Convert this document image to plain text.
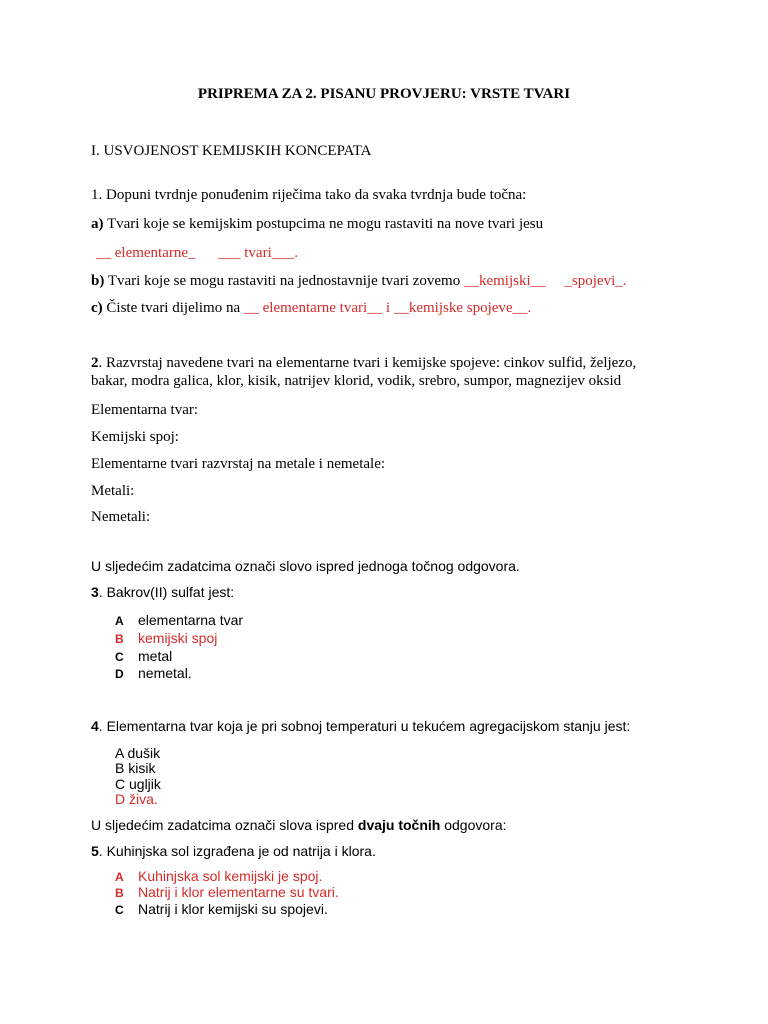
PRIPREMA ZA 2. PISANU PROVJERU: VRSTE TVARI
I. USVOJENOST KEMIJSKIH KONCEPATA
1. Dopuni tvrdnje ponuđenim riječima tako da svaka tvrdnja bude točna:
a) Tvari koje se kemijskim postupcima ne mogu rastaviti na nove tvari jesu
__ elementarne_ ___ tvari___.
b) Tvari koje se mogu rastaviti na jednostavnije tvari zovemo __kemijski__ _spojevi_.
c) Čiste tvari dijelimo na __ elementarne tvari__ i __kemijske spojeve__.
2. Razvrstaj navedene tvari na elementarne tvari i kemijske spojeve: cinkov sulfid, željezo,
bakar, modra galica, klor, kisik, natrijev klorid, vodik, srebro, sumpor, magnezijev oksid
Elementarna tvar:
Kemijski spoj:
Elementarne tvari razvrstaj na metale i nemetale:
Metali:
Nemetali:
U sljedećim zadatcima označi slovo ispred jednoga točnog odgovora.
3. Bakrov(II) sulfat jest:
A elementarna tvar
B kemijski spoj
C metal
D nemetal.
4. Elementarna tvar koja je pri sobnoj temperaturi u tekućem agregacijskom stanju jest:
A dušik
B kisik
C ugljik
D živa.
U sljedećim zadatcima označi slova ispred dvaju točnih odgovora:
5. Kuhinjska sol izgrađena je od natrija i klora.
A Kuhinjska sol kemijski je spoj.
B Natrij i klor elementarne su tvari.
C Natrij i klor kemijski su spojevi.
